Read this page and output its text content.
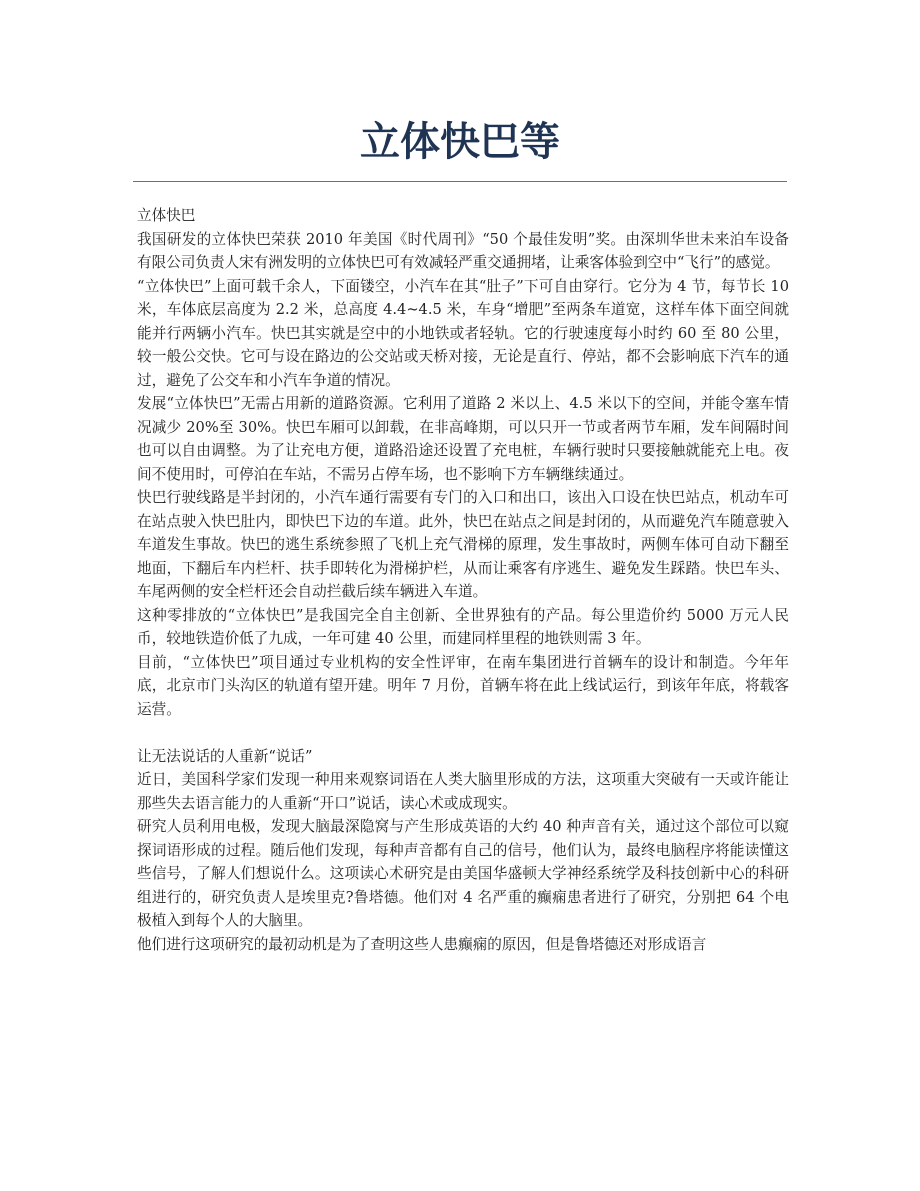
立体快巴等

立体快巴

我国研发的立体快巴荣获 2010 年美国《时代周刊》“50 个最佳发明”奖。由深圳华世未来泊车设备有限公司负责人宋有洲发明的立体快巴可有效减轻严重交通拥堵，让乘客体验到空中“飞行”的感觉。

“立体快巴”上面可载千余人，下面镂空，小汽车在其“肚子”下可自由穿行。它分为 4 节，每节长 10 米，车体底层高度为 2.2 米，总高度 4.4~4.5 米，车身“增肥”至两条车道宽，这样车体下面空间就能并行两辆小汽车。快巴其实就是空中的小地铁或者轻轨。它的行驶速度每小时约 60 至 80 公里，较一般公交快。它可与设在路边的公交站或天桥对接，无论是直行、停站，都不会影响底下汽车的通过，避免了公交车和小汽车争道的情况。

发展“立体快巴”无需占用新的道路资源。它利用了道路 2 米以上、4.5 米以下的空间，并能令塞车情况减少 20%至 30%。快巴车厢可以卸载，在非高峰期，可以只开一节或者两节车厢，发车间隔时间也可以自由调整。为了让充电方便，道路沿途还设置了充电桩，车辆行驶时只要接触就能充上电。夜间不使用时，可停泊在车站，不需另占停车场，也不影响下方车辆继续通过。

快巴行驶线路是半封闭的，小汽车通行需要有专门的入口和出口，该出入口设在快巴站点，机动车可在站点驶入快巴肚内，即快巴下边的车道。此外，快巴在站点之间是封闭的，从而避免汽车随意驶入车道发生事故。快巴的逃生系统参照了飞机上充气滑梯的原理，发生事故时，两侧车体可自动下翻至地面，下翻后车内栏杆、扶手即转化为滑梯护栏，从而让乘客有序逃生、避免发生踩踏。快巴车头、车尾两侧的安全栏杆还会自动拦截后续车辆进入车道。

这种零排放的“立体快巴”是我国完全自主创新、全世界独有的产品。每公里造价约 5000 万元人民币，较地铁造价低了九成，一年可建 40 公里，而建同样里程的地铁则需 3 年。

目前，“立体快巴”项目通过专业机构的安全性评审，在南车集团进行首辆车的设计和制造。今年年底，北京市门头沟区的轨道有望开建。明年 7 月份，首辆车将在此上线试运行，到该年年底，将载客运营。

让无法说话的人重新“说话”

近日，美国科学家们发现一种用来观察词语在人类大脑里形成的方法，这项重大突破有一天或许能让那些失去语言能力的人重新“开口”说话，读心术或成现实。

研究人员利用电极，发现大脑最深隐窝与产生形成英语的大约 40 种声音有关，通过这个部位可以窥探词语形成的过程。随后他们发现，每种声音都有自己的信号，他们认为，最终电脑程序将能读懂这些信号，了解人们想说什么。这项读心术研究是由美国华盛顿大学神经系统学及科技创新中心的科研组进行的，研究负责人是埃里克?鲁塔德。他们对 4 名严重的癫痫患者进行了研究，分别把 64 个电极植入到每个人的大脑里。

他们进行这项研究的最初动机是为了查明这些人患癫痫的原因，但是鲁塔德还对形成语言
